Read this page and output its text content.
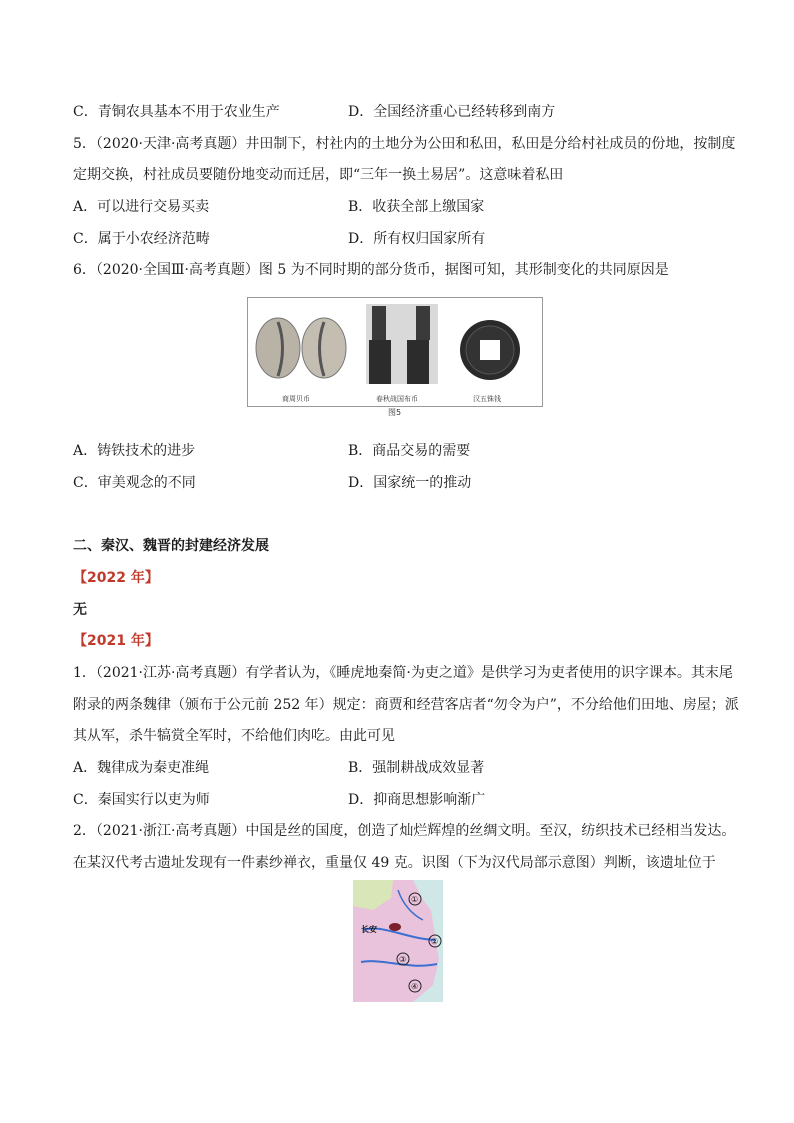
C．青铜农具基本不用于农业生产	D．全国经济重心已经转移到南方
5．（2020·天津·高考真题）井田制下，村社内的土地分为公田和私田，私田是分给村社成员的份地，按制度
定期交换，村社成员要随份地变动而迁居，即“三年一换土易居”。这意味着私田
A．可以进行交易买卖	B．收获全部上缴国家
C．属于小农经济范畴	D．所有权归国家所有
6．（2020·全国Ⅲ·高考真题）图 5 为不同时期的部分货币，据图可知，其形制变化的共同原因是
商周贝币	春秋战国布币	汉五铢钱
图5
A．铸铁技术的进步	B．商品交易的需要
C．审美观念的不同	D．国家统一的推动
二、秦汉、魏晋的封建经济发展
【2022 年】
无
【2021 年】
1．（2021·江苏·高考真题）有学者认为，《睡虎地秦简·为吏之道》是供学习为吏者使用的识字课本。其末尾
附录的两条魏律（颁布于公元前 252 年）规定：商贾和经营客店者“勿令为户”，不分给他们田地、房屋；派
其从军，杀牛犒赏全军时，不给他们肉吃。由此可见
A．魏律成为秦吏准绳	B．强制耕战成效显著
C．秦国实行以吏为师	D．抑商思想影响渐广
2．（2021·浙江·高考真题）中国是丝的国度，创造了灿烂辉煌的丝绸文明。至汉，纺织技术已经相当发达。
在某汉代考古遗址发现有一件素纱禅衣，重量仅 49 克。识图（下为汉代局部示意图）判断，该遗址位于
长安
①
②
③
④
